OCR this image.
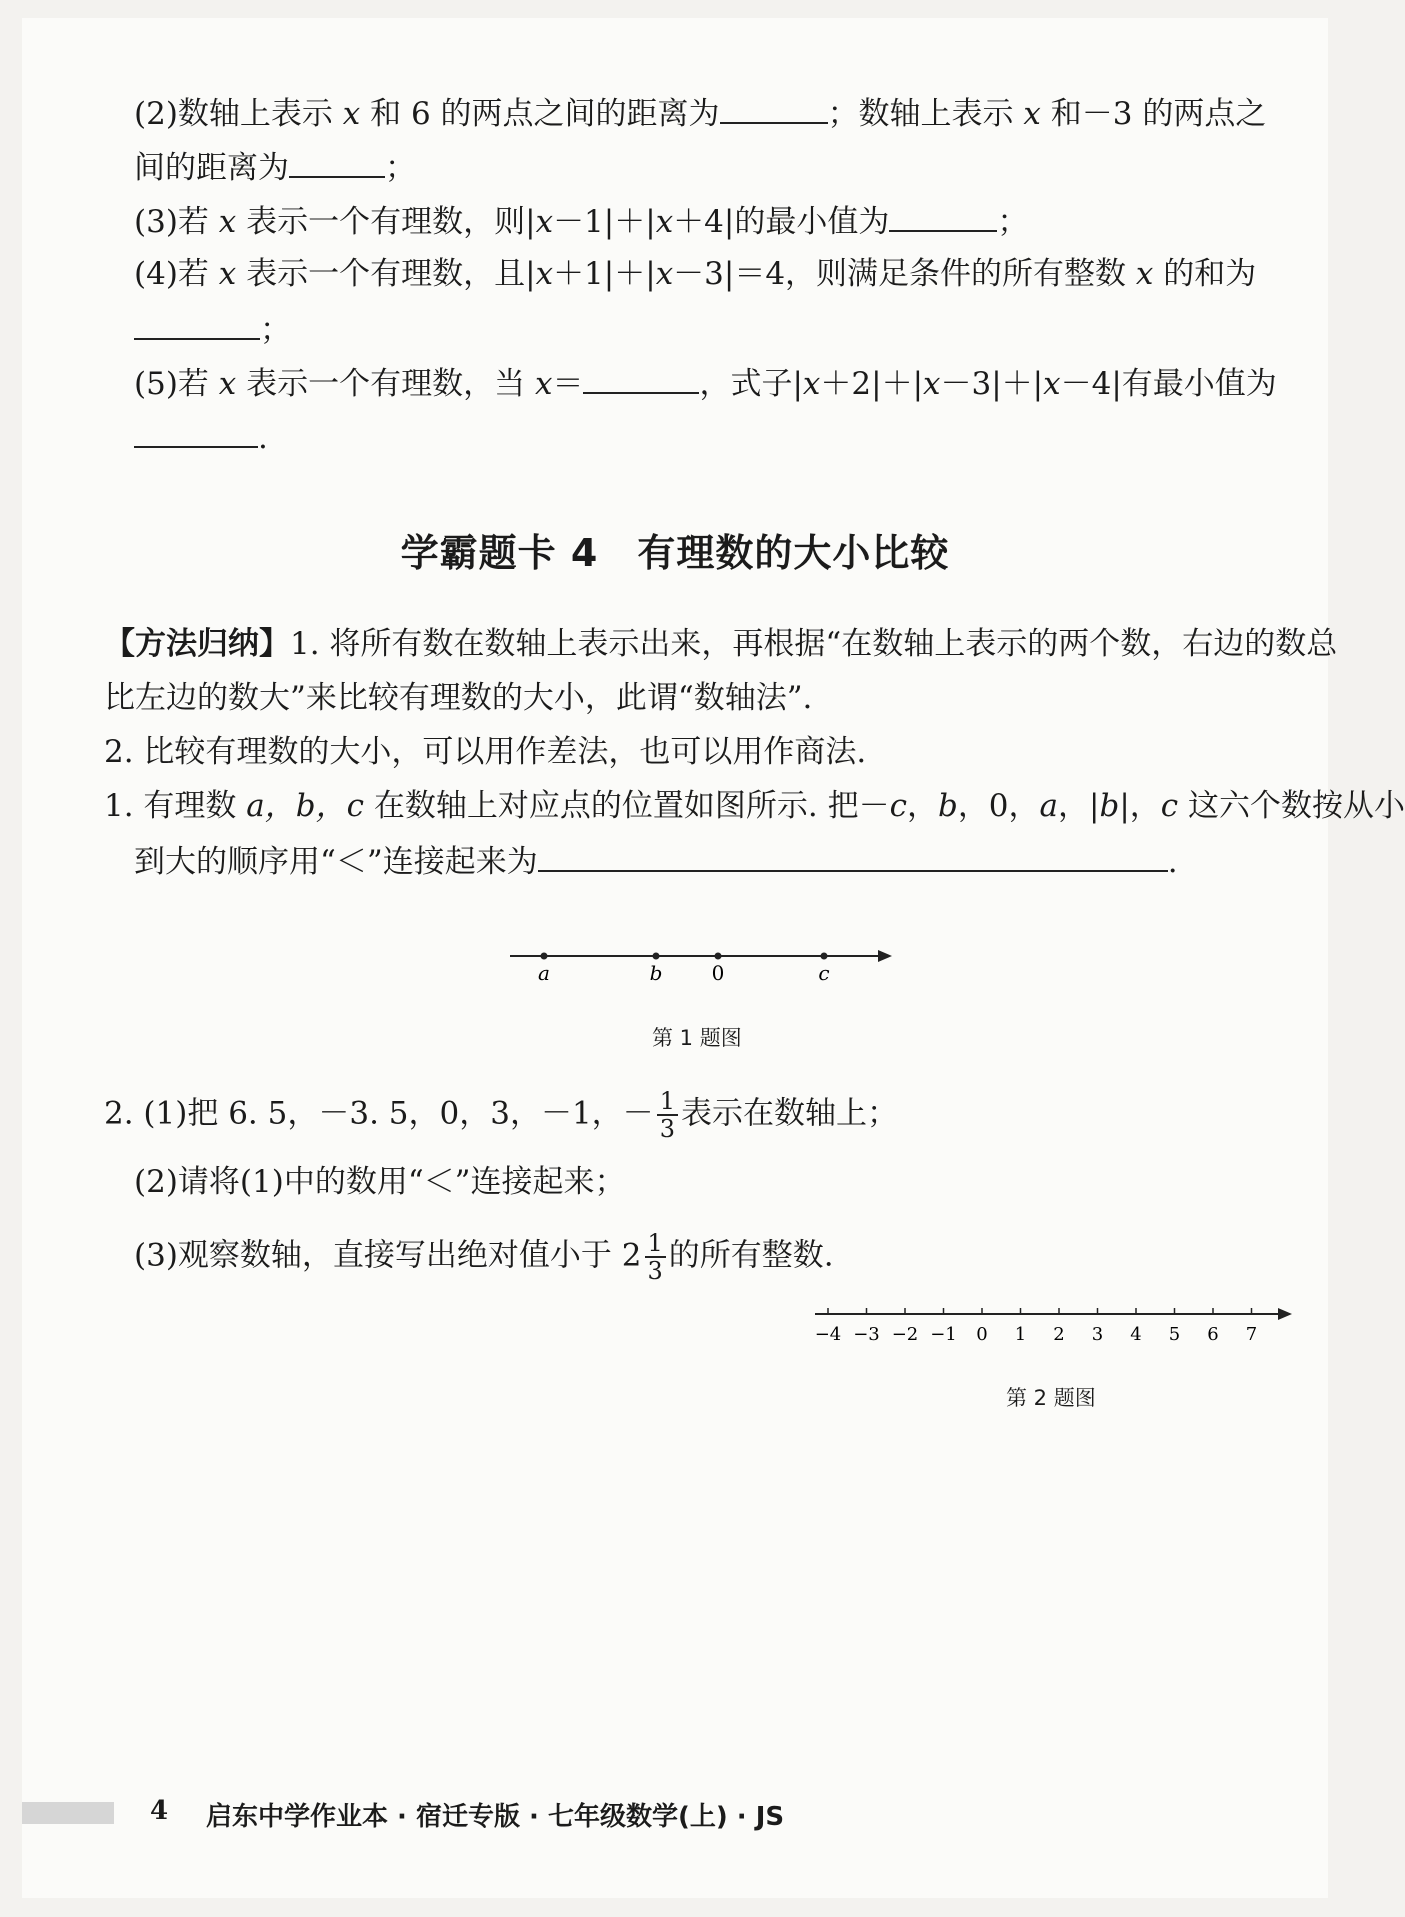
(2)数轴上表示 x 和 6 的两点之间的距离为	；数轴上表示 x 和－3 的两点之
间的距离为	；
(3)若 x 表示一个有理数，则|x－1|＋|x＋4|的最小值为	；
(4)若 x 表示一个有理数，且|x＋1|＋|x－3|＝4，则满足条件的所有整数 x 的和为
；
(5)若 x 表示一个有理数，当 x＝	，式子|x＋2|＋|x－3|＋|x－4|有最小值为
.
学霸题卡 4　有理数的大小比较
【方法归纳】1. 将所有数在数轴上表示出来，再根据“在数轴上表示的两个数，右边的数总
比左边的数大”来比较有理数的大小，此谓“数轴法”.
2. 比较有理数的大小，可以用作差法，也可以用作商法.
1. 有理数 a，b，c 在数轴上对应点的位置如图所示. 把－c，b，0，a，|b|，c 这六个数按从小
到大的顺序用“＜”连接起来为	.
a	b 0	c
第 1 题图
2. (1)把 6. 5，－3. 5，0，3，－1，－ $\frac{1}{3}$ 表示在数轴上；
(2)请将(1)中的数用“＜”连接起来；
(3)观察数轴，直接写出绝对值小于 $2 \frac{1}{3}$ 的所有整数.
−4 −3 −2 −1 0 1 2 3 4 5 6 7
第 2 题图
4 启东中学作业本 · 宿迁专版 · 七年级数学(上) · JS
